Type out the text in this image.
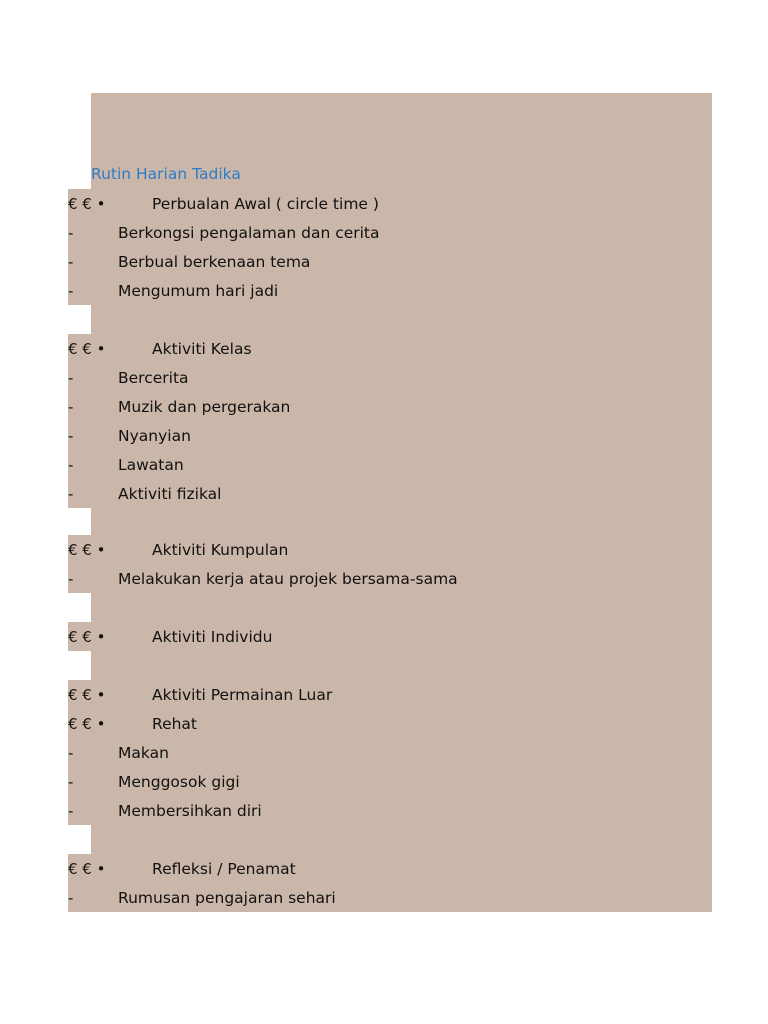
Rutin Harian Tadika
€ € •	Perbualan Awal ( circle time )
-	Berkongsi pengalaman dan cerita
-	Berbual berkenaan tema
-	Mengumum hari jadi
€ € •	Aktiviti Kelas
-	Bercerita
-	Muzik dan pergerakan
-	Nyanyian
-	Lawatan
-	Aktiviti fizikal
€ € •	Aktiviti Kumpulan
-	Melakukan kerja atau projek bersama-sama
€ € •	Aktiviti Individu
€ € •	Aktiviti Permainan Luar
€ € •	Rehat
-	Makan
-	Menggosok gigi
-	Membersihkan diri
€ € •	Refleksi / Penamat
-	Rumusan pengajaran sehari
